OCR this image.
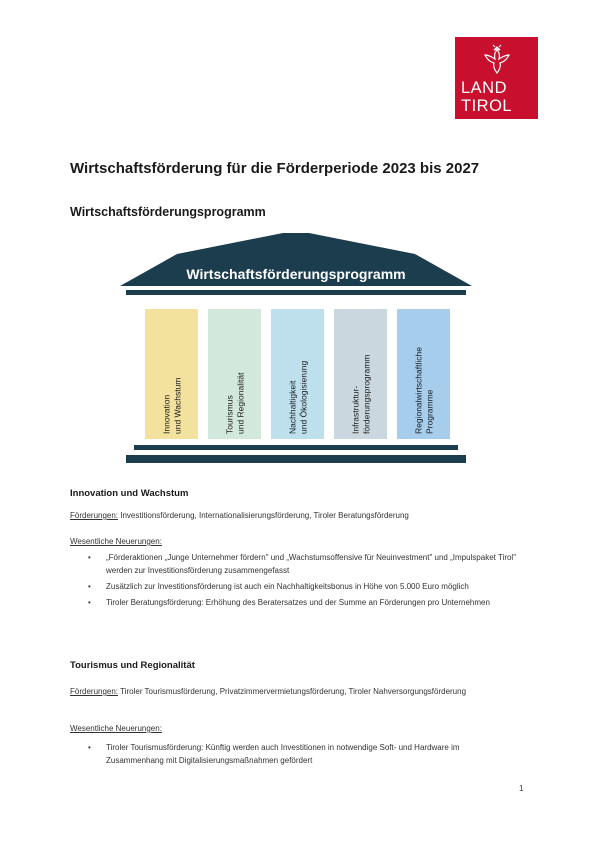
LAND
TIROL
Wirtschaftsförderung für die Förderperiode 2023 bis 2027
Wirtschaftsförderungsprogramm
Wirtschaftsförderungsprogramm
Innovation und Wachstum	Tourismus und Regionalität	Nachhaltigkeit und Ökologisierung	Infrastruktur- förderungsprogramm	Regionalwirtschaftliche Programme
Innovation und Wachstum

Förderungen: Investitionsförderung, Internationalisierungsförderung, Tiroler Beratungsförderung

Wesentliche Neuerungen:

• „Förderaktionen „Junge Unternehmer fördern" und „Wachstumsoffensive für Neuinvestment" und „Impulspaket Tirol" werden zur Investitionsförderung zusammengefasst
• Zusätzlich zur Investitionsförderung ist auch ein Nachhaltigkeitsbonus in Höhe von 5.000 Euro möglich
• Tiroler Beratungsförderung: Erhöhung des Beratersatzes und der Summe an Förderungen pro Unternehmen
Tourismus und Regionalität

Förderungen: Tiroler Tourismusförderung, Privatzimmervermietungsförderung, Tiroler Nahversorgungsförderung

Wesentliche Neuerungen:

• Tiroler Tourismusförderung: Künftig werden auch Investitionen in notwendige Soft- und Hardware im Zusammenhang mit Digitalisierungsmaßnahmen gefördert
1
